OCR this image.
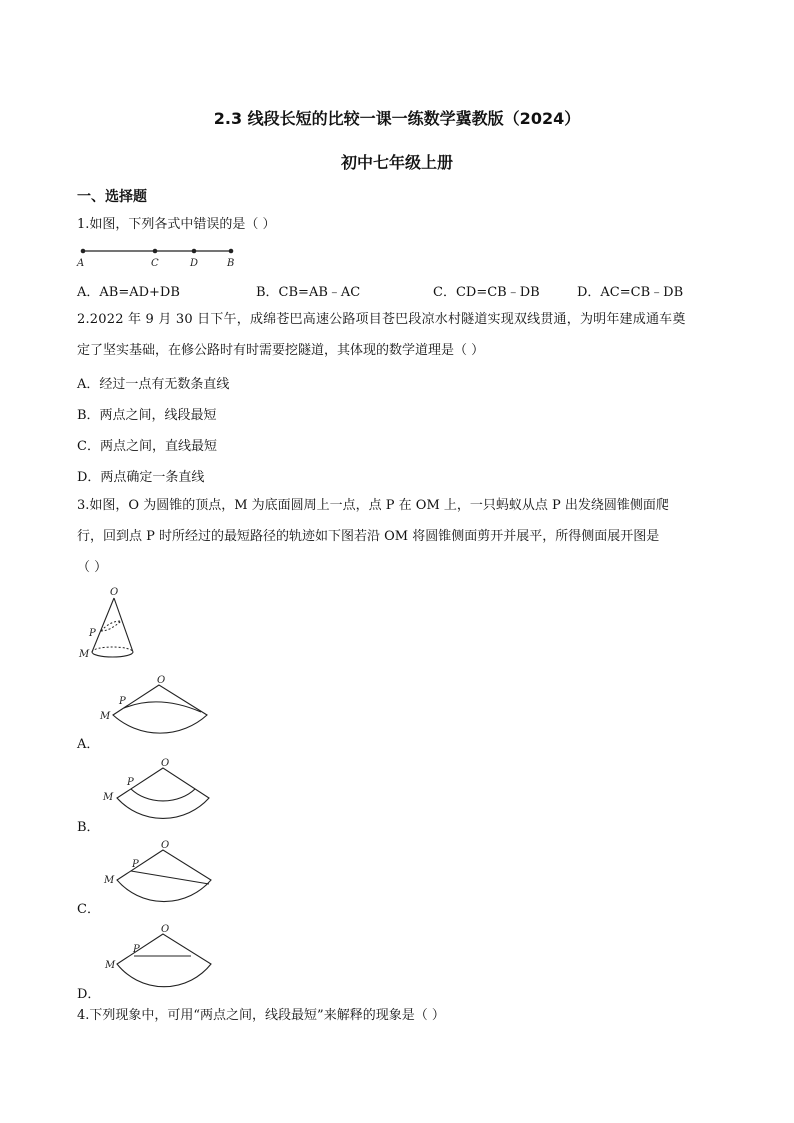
2.3 线段长短的比较一课一练数学冀教版（2024）
初中七年级上册
一、选择题
1.如图，下列各式中错误的是（ ）
A	C	D	B
A．AB=AD+DB	B．CB=AB﹣AC	C．CD=CB﹣DB	D．AC=CB﹣DB
2.2022 年 9 月 30 日下午，成绵苍巴高速公路项目苍巴段凉水村隧道实现双线贯通，为明年建成通车奠
定了坚实基础，在修公路时有时需要挖隧道，其体现的数学道理是（ ）
A．经过一点有无数条直线
B．两点之间，线段最短
C．两点之间，直线最短
D．两点确定一条直线
3.如图，O 为圆锥的顶点，M 为底面圆周上一点，点 P 在 OM 上，一只蚂蚁从点 P 出发绕圆锥侧面爬
行，回到点 P 时所经过的最短路径的轨迹如下图若沿 OM 将圆锥侧面剪开并展平，所得侧面展开图是
（ ）
O
P
M
O
P
M
A．
O
P
M
B．
O
P
M
C．
O
P
M
D．
4.下列现象中，可用“两点之间，线段最短”来解释的现象是（ ）
